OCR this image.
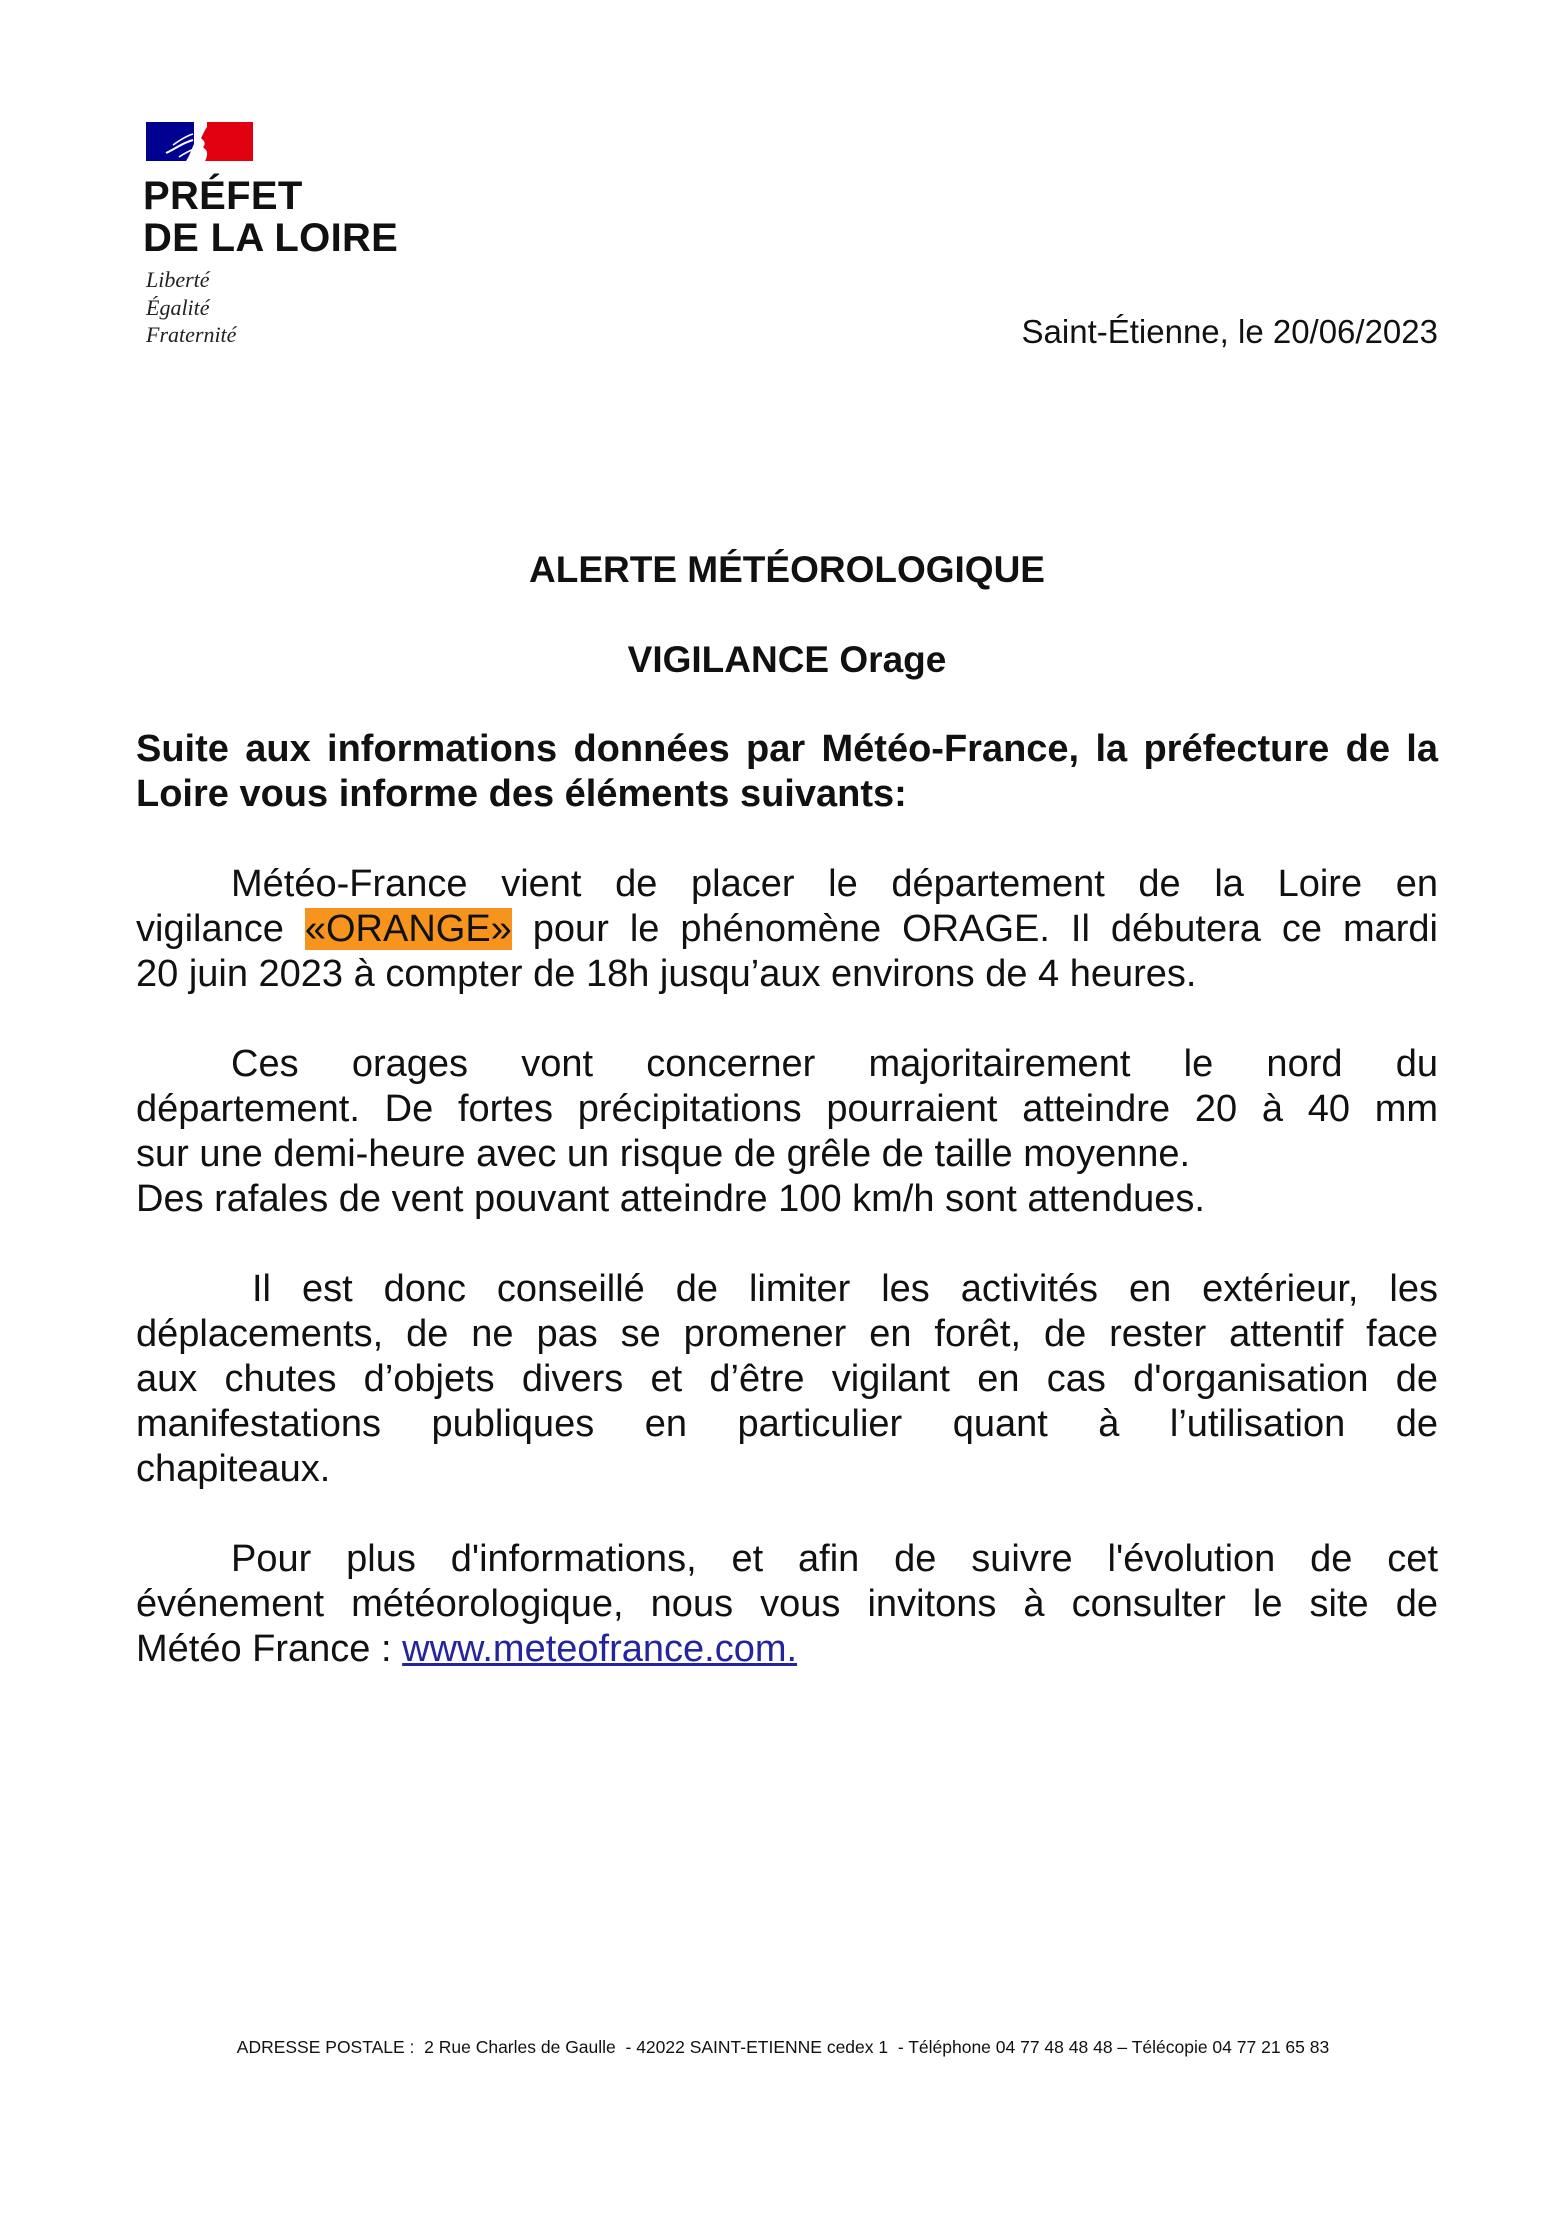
PRÉFET
DE LA LOIRE
Liberté
Égalité
Fraternité	Saint-Étienne, le 20/06/2023
ALERTE MÉTÉOROLOGIQUE
VIGILANCE Orage
Suite aux informations données par Météo-France, la préfecture de la
Loire vous informe des éléments suivants:
Météo-France vient de placer le département de la Loire en
vigilance «ORANGE» pour le phénomène ORAGE. Il débutera ce mardi
20 juin 2023 à compter de 18h jusqu’aux environs de 4 heures.
Ces orages vont concerner majoritairement le nord du
département. De fortes précipitations pourraient atteindre 20 à 40 mm
sur une demi-heure avec un risque de grêle de taille moyenne.
Des rafales de vent pouvant atteindre 100 km/h sont attendues.
Il est donc conseillé de limiter les activités en extérieur, les
déplacements, de ne pas se promener en forêt, de rester attentif face
aux chutes d’objets divers et d’être vigilant en cas d'organisation de
manifestations publiques en particulier quant à l’utilisation de
chapiteaux.
Pour plus d'informations, et afin de suivre l'évolution de cet
événement météorologique, nous vous invitons à consulter le site de
Météo France : www.meteofrance.com.
ADRESSE POSTALE :  2 Rue Charles de Gaulle  - 42022 SAINT-ETIENNE cedex 1  - Téléphone 04 77 48 48 48 – Télécopie 04 77 21 65 83
